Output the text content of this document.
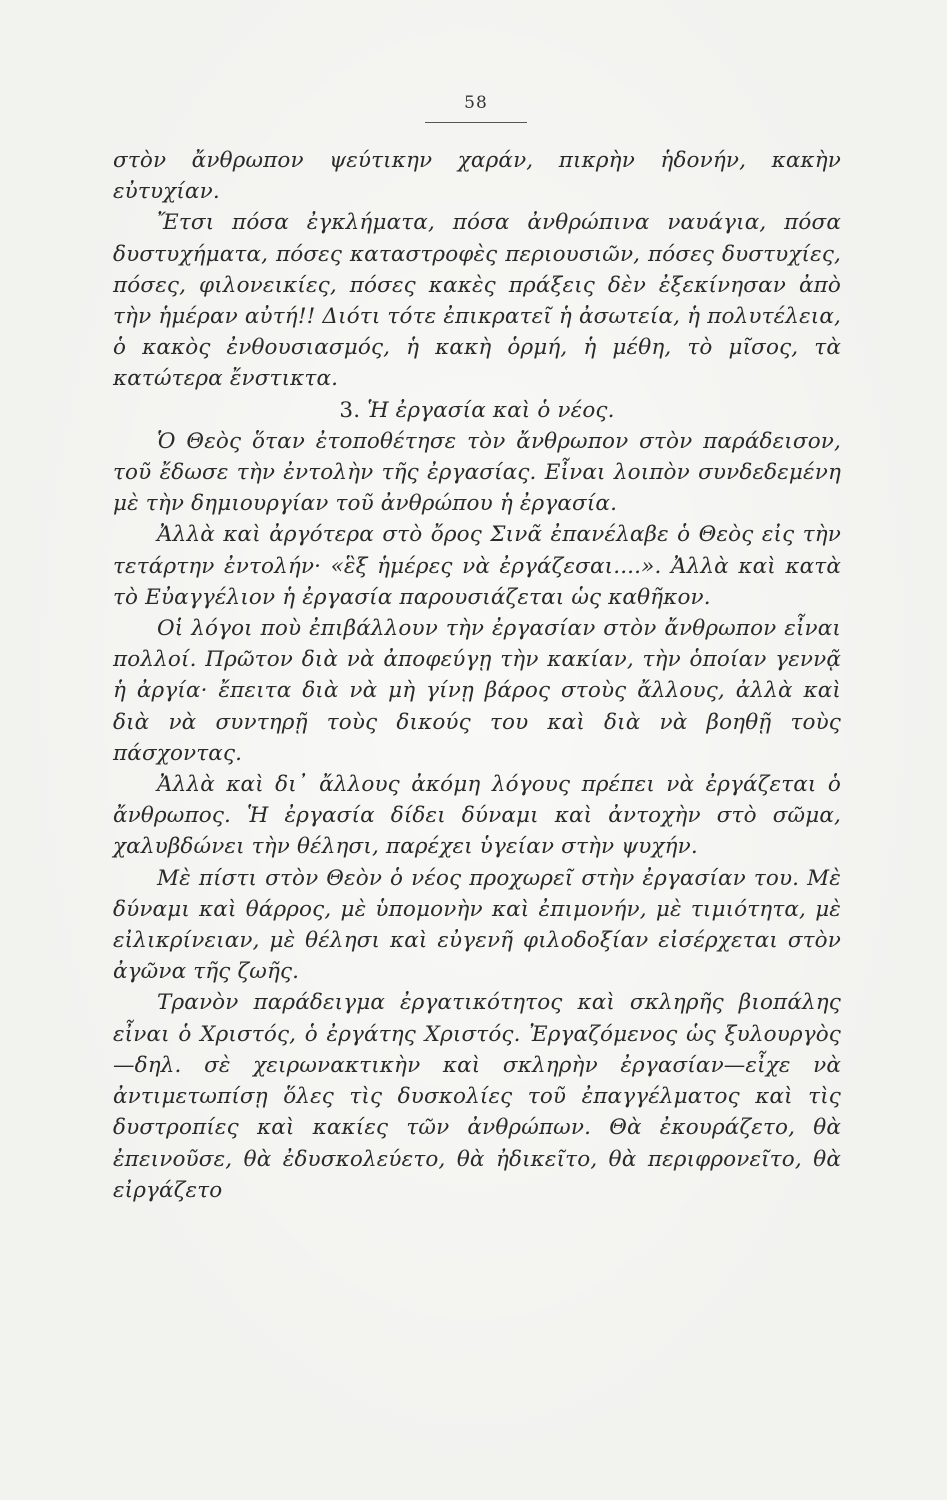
58

στὸν ἄνθρωπον ψεύτικην χαράν, πικρὴν ἡδονήν, κακὴν εὐτυχίαν.

Ἔτσι πόσα ἐγκλήματα, πόσα ἀνθρώπινα ναυάγια, πόσα δυστυχήματα, πόσες καταστροφὲς περιουσιῶν, πόσες δυστυχίες, πόσες, φιλονεικίες, πόσες κακὲς πράξεις δὲν ἐξεκίνησαν ἀπὸ τὴν ἡμέραν αὐτή!! Διότι τότε ἐπικρατεῖ ἡ ἀσωτεία, ἡ πολυτέλεια, ὁ κακὸς ἐνθουσιασμός, ἡ κακὴ ὁρμή, ἡ μέθη, τὸ μῖσος, τὰ κατώτερα ἔνστικτα.

3. Ἡ ἐργασία καὶ ὁ νέος.

Ὁ Θεὸς ὅταν ἐτοποθέτησε τὸν ἄνθρωπον στὸν παράδεισον, τοῦ ἔδωσε τὴν ἐντολὴν τῆς ἐργασίας. Εἶναι λοιπὸν συνδεδεμένη μὲ τὴν δημιουργίαν τοῦ ἀνθρώπου ἡ ἐργασία.

Ἀλλὰ καὶ ἀργότερα στὸ ὄρος Σινᾶ ἐπανέλαβε ὁ Θεὸς εἰς τὴν τετάρτην ἐντολήν· «ἓξ ἡμέρες νὰ ἐργάζεσαι....». Ἀλλὰ καὶ κατὰ τὸ Εὐαγγέλιον ἡ ἐργασία παρουσιάζεται ὡς καθῆκον.

Οἱ λόγοι ποὺ ἐπιβάλλουν τὴν ἐργασίαν στὸν ἄνθρωπον εἶναι πολλοί. Πρῶτον διὰ νὰ ἀποφεύγῃ τὴν κακίαν, τὴν ὁποίαν γεννᾷ ἡ ἀργία· ἔπειτα διὰ νὰ μὴ γίνῃ βάρος στοὺς ἄλλους, ἀλλὰ καὶ διὰ νὰ συντηρῇ τοὺς δικούς του καὶ διὰ νὰ βοηθῇ τοὺς πάσχοντας.

Ἀλλὰ καὶ δι᾽ ἄλλους ἀκόμη λόγους πρέπει νὰ ἐργάζεται ὁ ἄνθρωπος. Ἡ ἐργασία δίδει δύναμι καὶ ἀντοχὴν στὸ σῶμα, χαλυβδώνει τὴν θέλησι, παρέχει ὑγείαν στὴν ψυχήν.

Μὲ πίστι στὸν Θεὸν ὁ νέος προχωρεῖ στὴν ἐργασίαν του. Μὲ δύναμι καὶ θάρρος, μὲ ὑπομονὴν καὶ ἐπιμονήν, μὲ τιμιότητα, μὲ εἰλικρίνειαν, μὲ θέλησι καὶ εὐγενῆ φιλοδοξίαν εἰσέρχεται στὸν ἀγῶνα τῆς ζωῆς.

Τρανὸν παράδειγμα ἐργατικότητος καὶ σκληρῆς βιοπάλης εἶναι ὁ Χριστός, ὁ ἐργάτης Χριστός. Ἐργαζόμενος ὡς ξυλουργὸς—δηλ. σὲ χειρωνακτικὴν καὶ σκληρὴν ἐργασίαν—εἶχε νὰ ἀντιμετωπίσῃ ὅλες τὶς δυσκολίες τοῦ ἐπαγγέλματος καὶ τὶς δυστροπίες καὶ κακίες τῶν ἀνθρώπων. Θὰ ἐκουράζετο, θὰ ἐπεινοῦσε, θὰ ἐδυσκολεύετο, θὰ ἠδικεῖτο, θὰ περιφρονεῖτο, θὰ εἰργάζετο
